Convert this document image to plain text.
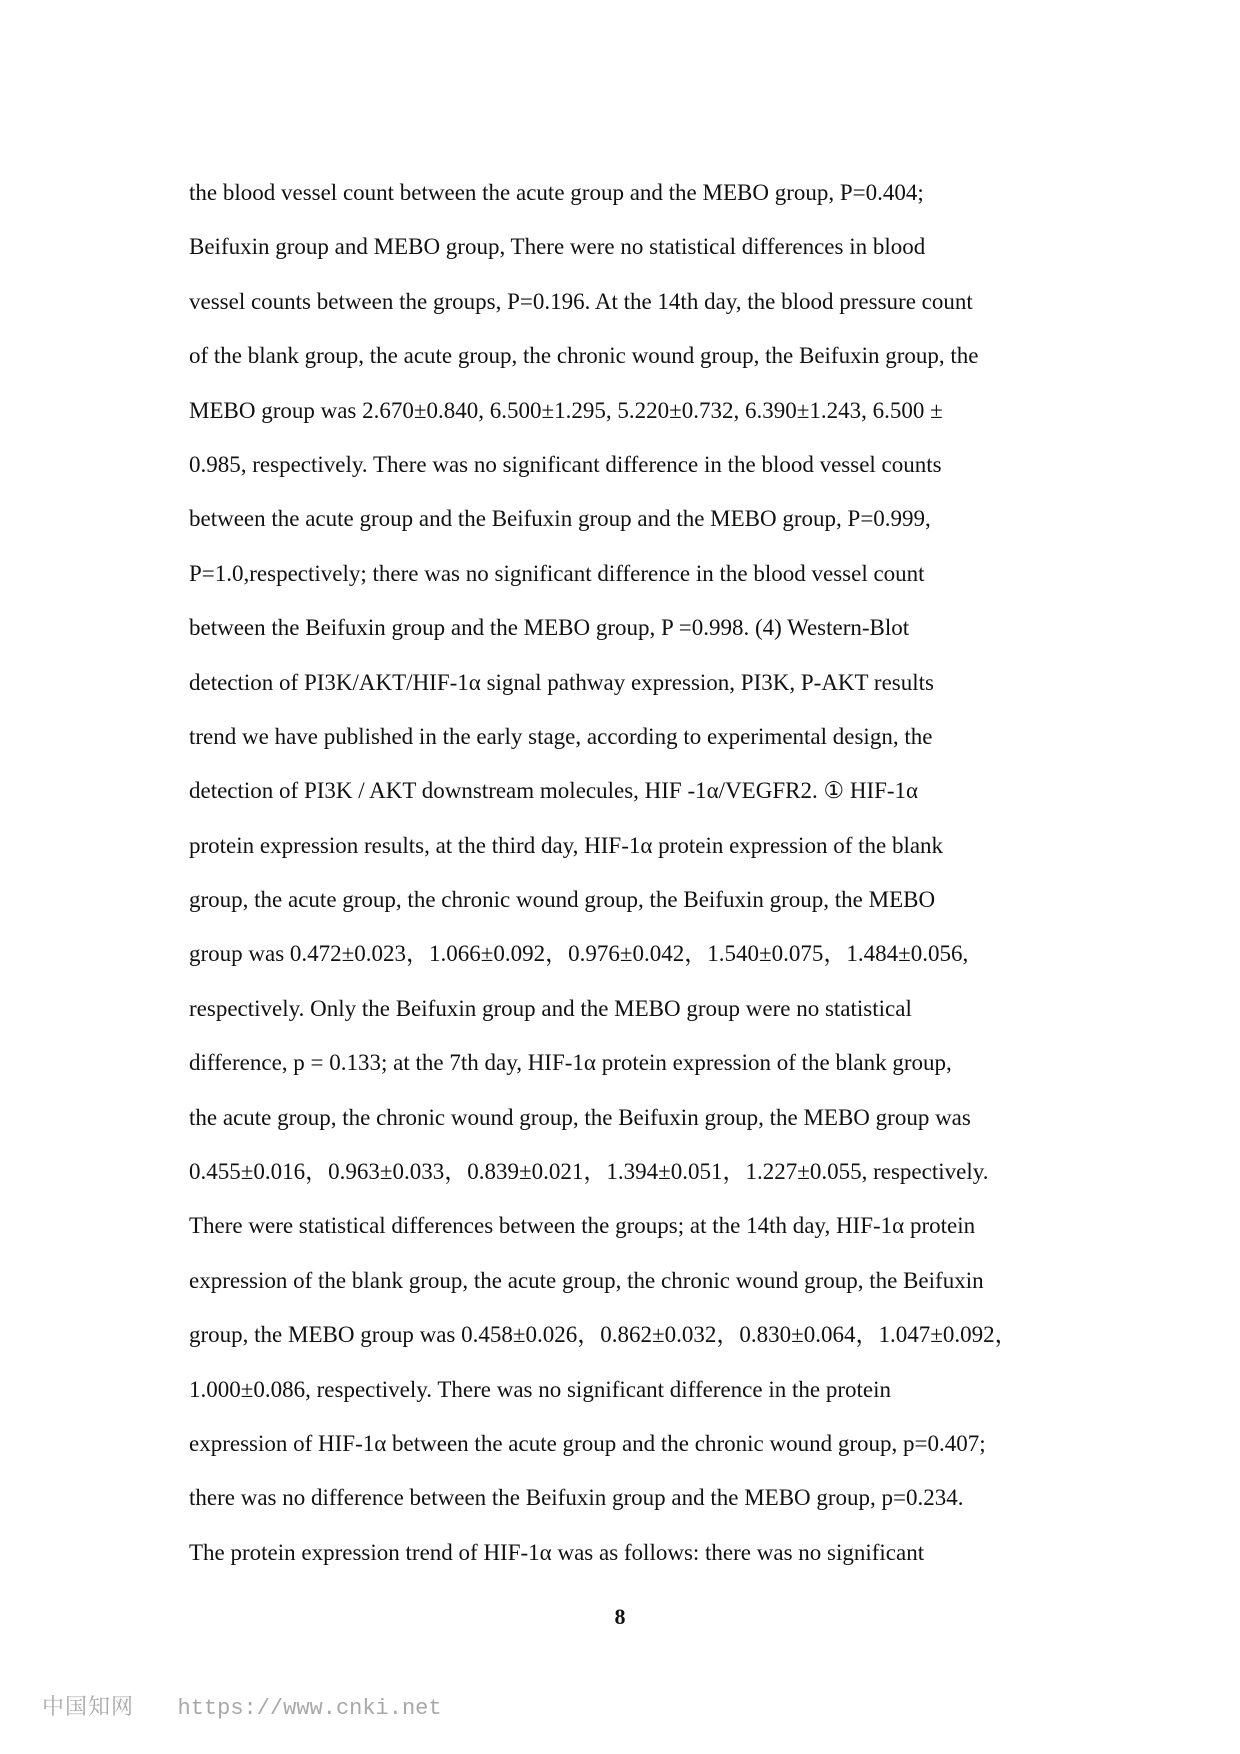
the blood vessel count between the acute group and the MEBO group, P=0.404;
Beifuxin group and MEBO group, There were no statistical differences in blood
vessel counts between the groups, P=0.196. At the 14th day, the blood pressure count
of the blank group, the acute group, the chronic wound group, the Beifuxin group, the
MEBO group was 2.670±0.840, 6.500±1.295, 5.220±0.732, 6.390±1.243, 6.500 ±
0.985, respectively. There was no significant difference in the blood vessel counts
between the acute group and the Beifuxin group and the MEBO group, P=0.999,
P=1.0,respectively; there was no significant difference in the blood vessel count
between the Beifuxin group and the MEBO group, P =0.998. (4) Western-Blot
detection of PI3K/AKT/HIF-1α signal pathway expression, PI3K, P-AKT results
trend we have published in the early stage, according to experimental design, the
detection of PI3K / AKT downstream molecules, HIF -1α/VEGFR2. ① HIF-1α
protein expression results, at the third day, HIF-1α protein expression of the blank
group, the acute group, the chronic wound group, the Beifuxin group, the MEBO
group was 0.472±0.023，1.066±0.092，0.976±0.042，1.540±0.075，1.484±0.056,
respectively. Only the Beifuxin group and the MEBO group were no statistical
difference, p = 0.133; at the 7th day, HIF-1α protein expression of the blank group,
the acute group, the chronic wound group, the Beifuxin group, the MEBO group was
0.455±0.016，0.963±0.033，0.839±0.021，1.394±0.051，1.227±0.055, respectively.
There were statistical differences between the groups; at the 14th day, HIF-1α protein
expression of the blank group, the acute group, the chronic wound group, the Beifuxin
group, the MEBO group was 0.458±0.026，0.862±0.032，0.830±0.064，1.047±0.092，
1.000±0.086, respectively. There was no significant difference in the protein
expression of HIF-1α between the acute group and the chronic wound group, p=0.407;
there was no difference between the Beifuxin group and the MEBO group, p=0.234.
The protein expression trend of HIF-1α was as follows: there was no significant
8
中国知网 https://www.cnki.net
